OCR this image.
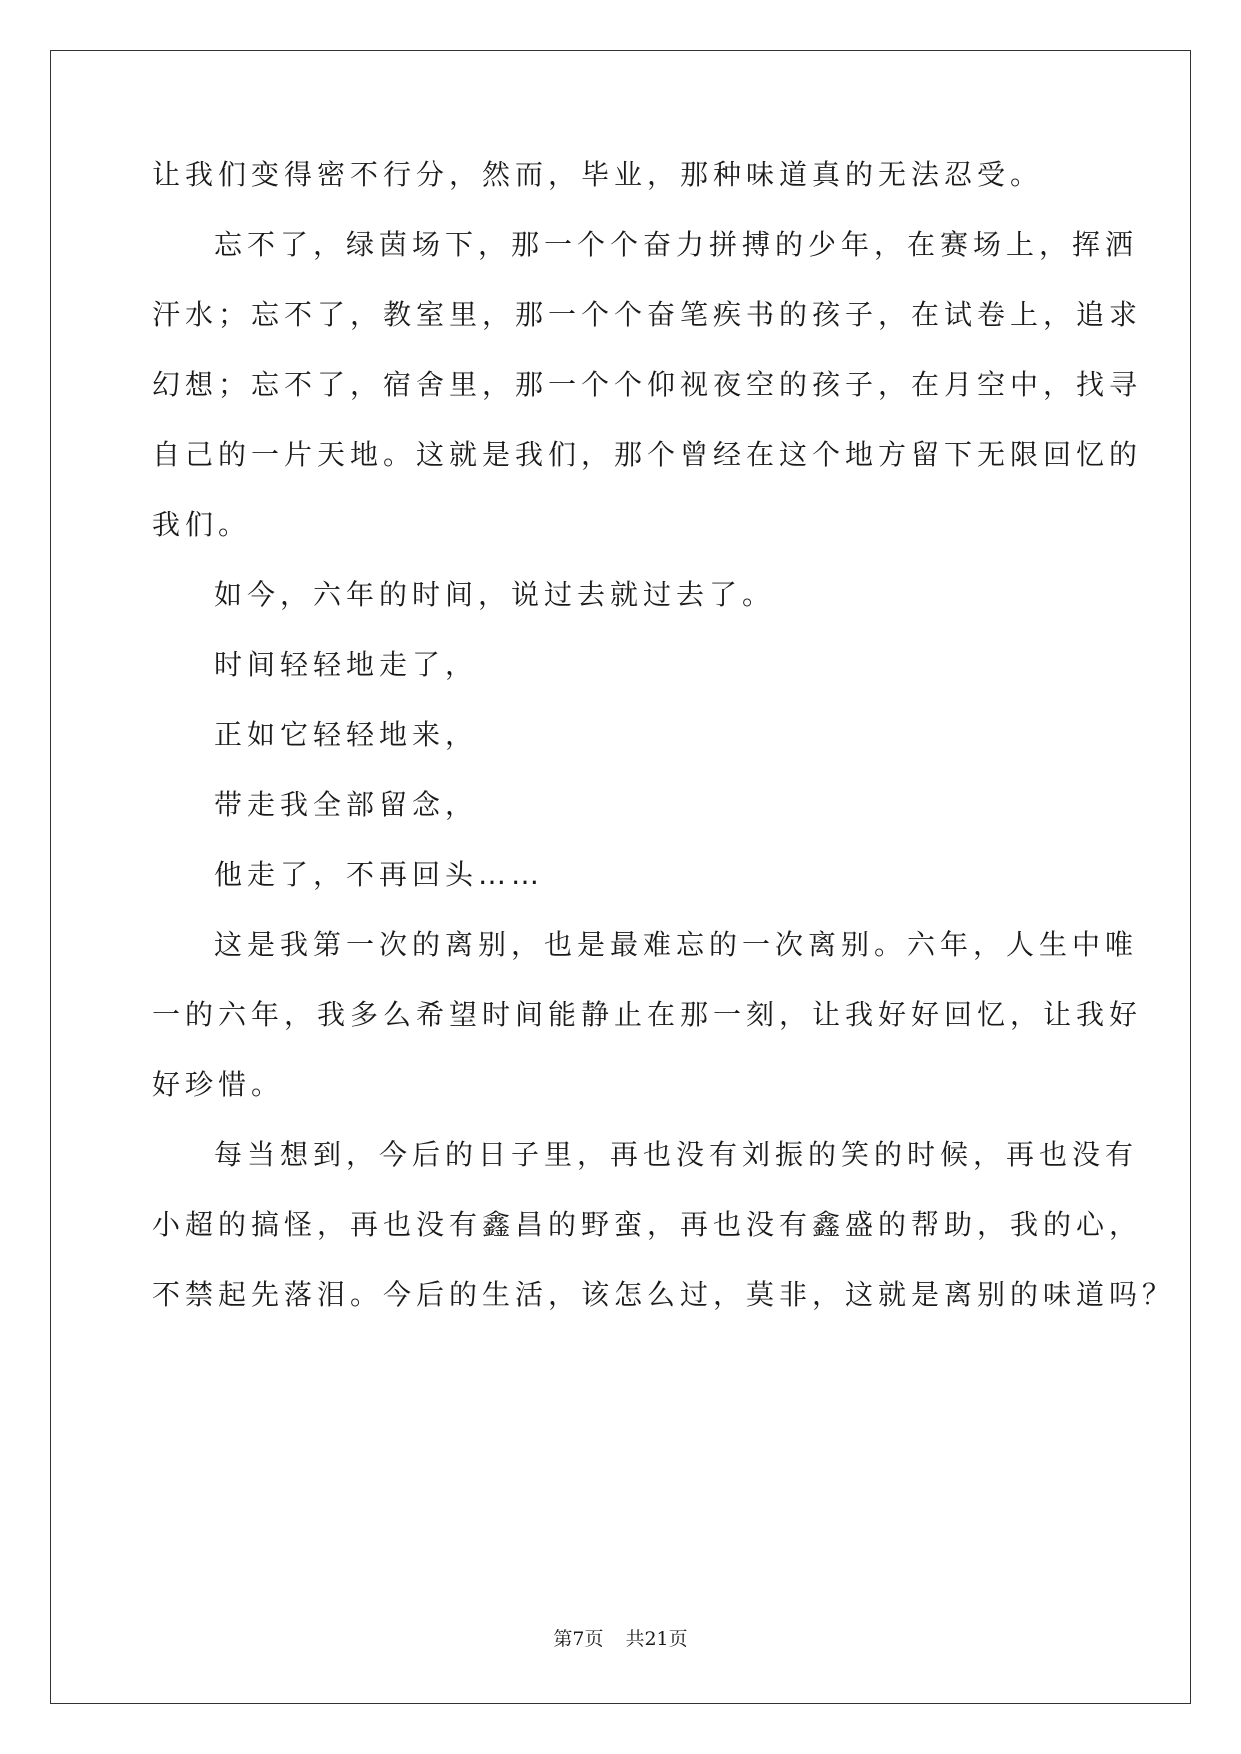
让我们变得密不行分，然而，毕业，那种味道真的无法忍受。
忘不了，绿茵场下，那一个个奋力拼搏的少年，在赛场上，挥洒
汗水；忘不了，教室里，那一个个奋笔疾书的孩子，在试卷上，追求
幻想；忘不了，宿舍里，那一个个仰视夜空的孩子，在月空中，找寻
自己的一片天地。这就是我们，那个曾经在这个地方留下无限回忆的
我们。
如今，六年的时间，说过去就过去了。
时间轻轻地走了，
正如它轻轻地来，
带走我全部留念，
他走了，不再回头……
这是我第一次的离别，也是最难忘的一次离别。六年，人生中唯
一的六年，我多么希望时间能静止在那一刻，让我好好回忆，让我好
好珍惜。
每当想到，今后的日子里，再也没有刘振的笑的时候，再也没有
小超的搞怪，再也没有鑫昌的野蛮，再也没有鑫盛的帮助，我的心，
不禁起先落泪。今后的生活，该怎么过，莫非，这就是离别的味道吗？
第7页 共21页
